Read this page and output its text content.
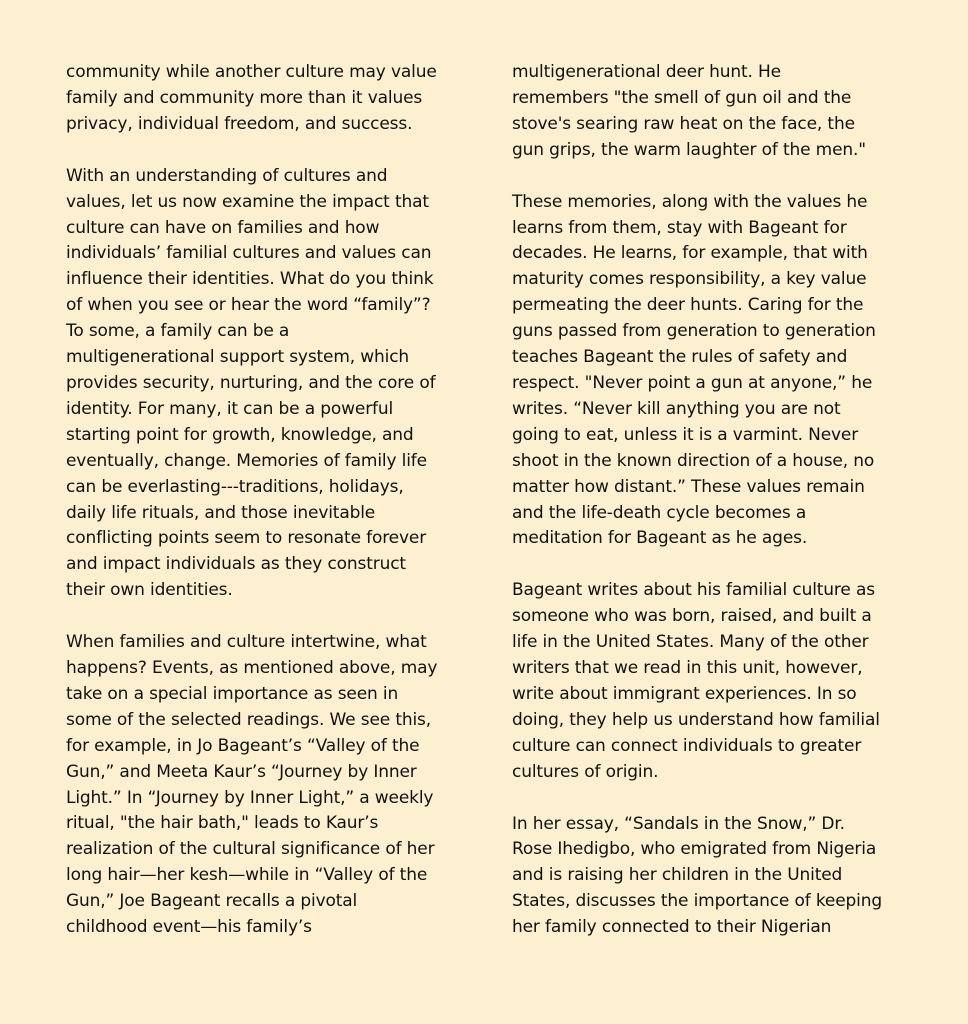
community while another culture may value
family and community more than it values
privacy, individual freedom, and success.

With an understanding of cultures and
values, let us now examine the impact that
culture can have on families and how
individuals’ familial cultures and values can
influence their identities. What do you think
of when you see or hear the word “family”?
To some, a family can be a
multigenerational support system, which
provides security, nurturing, and the core of
identity. For many, it can be a powerful
starting point for growth, knowledge, and
eventually, change. Memories of family life
can be everlasting---traditions, holidays,
daily life rituals, and those inevitable
conflicting points seem to resonate forever
and impact individuals as they construct
their own identities.

When families and culture intertwine, what
happens? Events, as mentioned above, may
take on a special importance as seen in
some of the selected readings. We see this,
for example, in Jo Bageant’s “Valley of the
Gun,” and Meeta Kaur’s “Journey by Inner
Light.” In “Journey by Inner Light,” a weekly
ritual, "the hair bath," leads to Kaur’s
realization of the cultural significance of her
long hair—her kesh—while in “Valley of the
Gun,” Joe Bageant recalls a pivotal
childhood event—his family’s

multigenerational deer hunt. He
remembers "the smell of gun oil and the
stove's searing raw heat on the face, the
gun grips, the warm laughter of the men."

These memories, along with the values he
learns from them, stay with Bageant for
decades. He learns, for example, that with
maturity comes responsibility, a key value
permeating the deer hunts. Caring for the
guns passed from generation to generation
teaches Bageant the rules of safety and
respect. "Never point a gun at anyone,” he
writes. “Never kill anything you are not
going to eat, unless it is a varmint. Never
shoot in the known direction of a house, no
matter how distant.” These values remain
and the life-death cycle becomes a
meditation for Bageant as he ages.

Bageant writes about his familial culture as
someone who was born, raised, and built a
life in the United States. Many of the other
writers that we read in this unit, however,
write about immigrant experiences. In so
doing, they help us understand how familial
culture can connect individuals to greater
cultures of origin.

In her essay, “Sandals in the Snow,” Dr.
Rose Ihedigbo, who emigrated from Nigeria
and is raising her children in the United
States, discusses the importance of keeping
her family connected to their Nigerian
